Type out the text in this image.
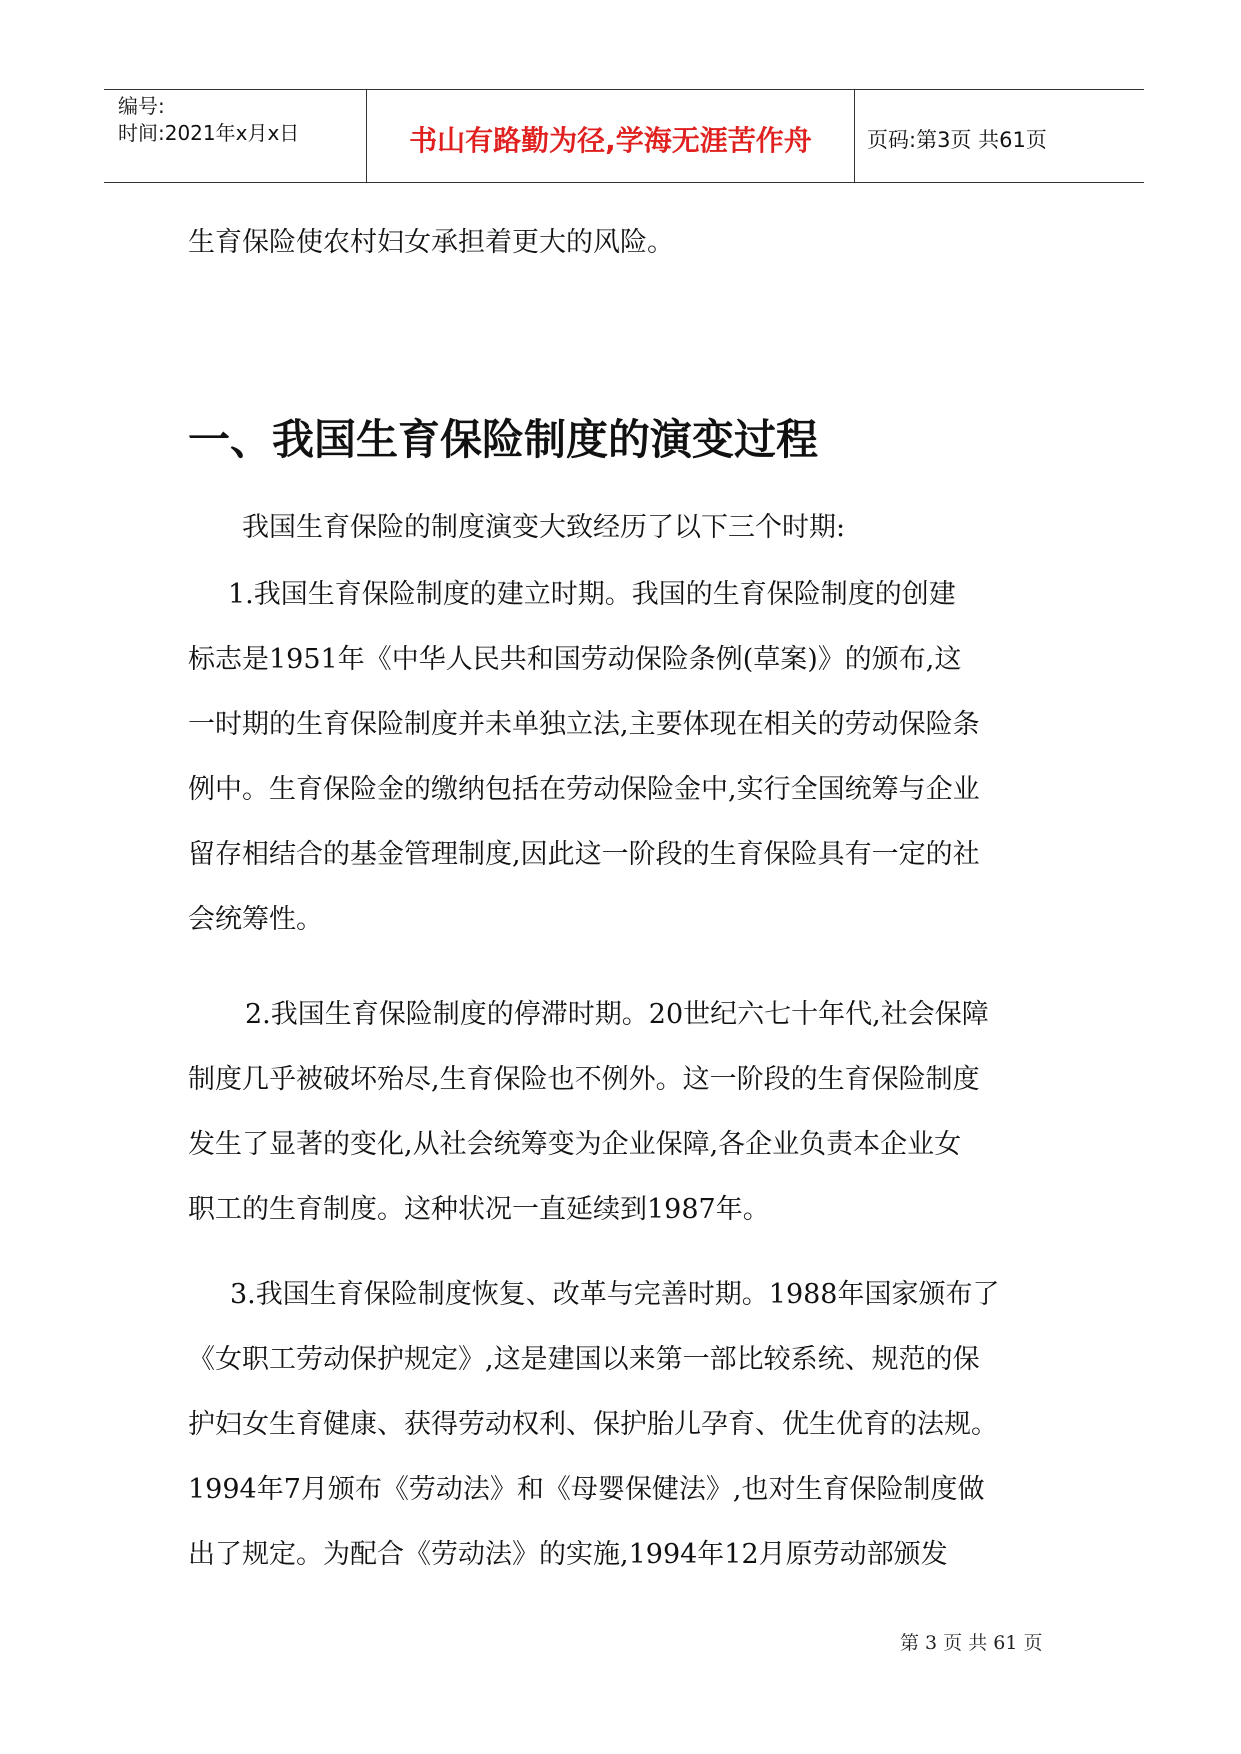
编号:
时间:2021年x月x日	书山有路勤为径,学海无涯苦作舟	页码:第3页 共61页

生育保险使农村妇女承担着更大的风险。

一、我国生育保险制度的演变过程

我国生育保险的制度演变大致经历了以下三个时期:

1.我国生育保险制度的建立时期。我国的生育保险制度的创建
标志是1951年《中华人民共和国劳动保险条例(草案)》的颁布,这
一时期的生育保险制度并未单独立法,主要体现在相关的劳动保险条
例中。生育保险金的缴纳包括在劳动保险金中,实行全国统筹与企业
留存相结合的基金管理制度,因此这一阶段的生育保险具有一定的社
会统筹性。
2.我国生育保险制度的停滞时期。20世纪六七十年代,社会保障
制度几乎被破坏殆尽,生育保险也不例外。这一阶段的生育保险制度
发生了显著的变化,从社会统筹变为企业保障,各企业负责本企业女
职工的生育制度。这种状况一直延续到1987年。
3.我国生育保险制度恢复、改革与完善时期。1988年国家颁布了
《女职工劳动保护规定》,这是建国以来第一部比较系统、规范的保
护妇女生育健康、获得劳动权利、保护胎儿孕育、优生优育的法规。
1994年7月颁布《劳动法》和《母婴保健法》,也对生育保险制度做
出了规定。为配合《劳动法》的实施,1994年12月原劳动部颁发
第 3 页 共 61 页
